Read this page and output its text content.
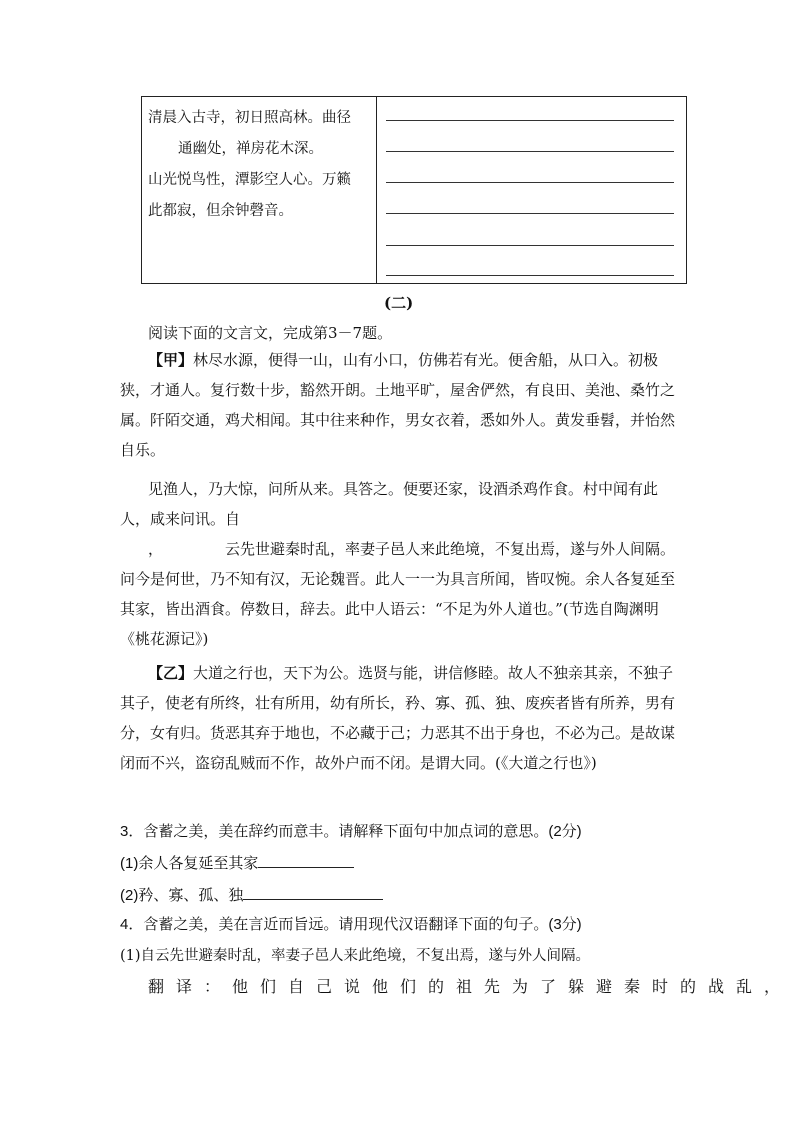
清晨入古寺，初日照高林。曲径
通幽处，禅房花木深。
山光悦鸟性，潭影空人心。万籁
此都寂，但余钟磬音。
(二)
阅读下面的文言文，完成第3－7题。
【甲】林尽水源，便得一山，山有小口，仿佛若有光。便舍船，从口入。初极狭，才通人。复行数十步，豁然开朗。土地平旷，屋舍俨然，有良田、美池、桑竹之属。阡陌交通，鸡犬相闻。其中往来种作，男女衣着，悉如外人。黄发垂髫，并怡然自乐。
见渔人，乃大惊，问所从来。具答之。便要还家，设酒杀鸡作食。村中闻有此人，咸来问讯。自
，	云先世避秦时乱，率妻子邑人来此绝境，不复出焉，遂与外人间隔。问今是何世，乃不知有汉，无论魏晋。此人一一为具言所闻，皆叹惋。余人各复延至其家，皆出酒食。停数日，辞去。此中人语云：“不足为外人道也。”(节选自陶渊明《桃花源记》)
【乙】大道之行也，天下为公。选贤与能，讲信修睦。故人不独亲其亲，不独子其子，使老有所终，壮有所用，幼有所长，矜、寡、孤、独、废疾者皆有所养，男有分，女有归。货恶其弃于地也，不必藏于己；力恶其不出于身也，不必为己。是故谋闭而不兴，盗窃乱贼而不作，故外户而不闭。是谓大同。(《大道之行也》)
3．含蓄之美，美在辞约而意丰。请解释下面句中加点词的意思。(2分)
(1)余人各复延至其家
(2)矜、寡、孤、独
4．含蓄之美，美在言近而旨远。请用现代汉语翻译下面的句子。(3分)
(1)自云先世避秦时乱，率妻子邑人来此绝境，不复出焉，遂与外人间隔。
翻译：他们自己说他们的祖先为了躲避秦时的战乱，
